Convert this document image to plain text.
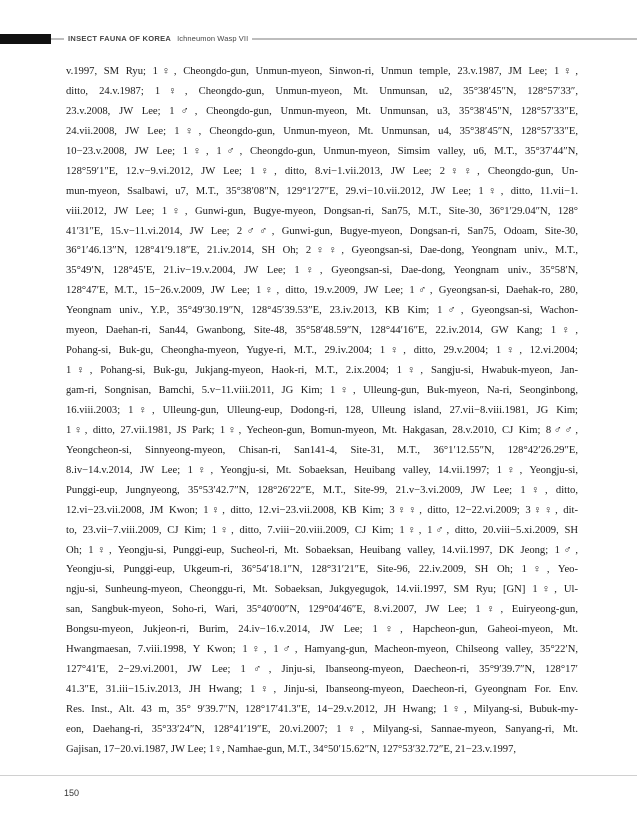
INSECT FAUNA OF KOREA Ichneumon Wasp VII
v.1997, SM Ryu; 1♀, Cheongdo-gun, Unmun-myeon, Sinwon-ri, Unmun temple, 23.v.1987, JM Lee; 1♀,
ditto, 24.v.1987; 1♀, Cheongdo-gun, Unmun-myeon, Mt. Unmunsan, u2, 35°38′45″N, 128°57′33″,
23.v.2008, JW Lee; 1♂, Cheongdo-gun, Unmun-myeon, Mt. Unmunsan, u3, 35°38′45″N, 128°57′33″E,
24.vii.2008, JW Lee; 1♀, Cheongdo-gun, Unmun-myeon, Mt. Unmunsan, u4, 35°38′45″N, 128°57′33″E,
10−23.v.2008, JW Lee; 1♀, 1♂, Cheongdo-gun, Unmun-myeon, Simsim valley, u6, M.T., 35°37′44″N,
128°59′1″E, 12.v−9.vi.2012, JW Lee; 1♀, ditto, 8.vi−1.vii.2013, JW Lee; 2♀♀, Cheongdo-gun, Un-
mun-myeon, Ssalbawi, u7, M.T., 35°38′08″N, 129°1′27″E, 29.vi−10.vii.2012, JW Lee; 1♀, ditto, 11.vii−1.
viii.2012, JW Lee; 1♀, Gunwi-gun, Bugye-myeon, Dongsan-ri, San75, M.T., Site-30, 36°1′29.04″N, 128°
41′31″E, 15.v−11.vi.2014, JW Lee; 2♂♂, Gunwi-gun, Bugye-myeon, Dongsan-ri, San75, Odoam, Site-30,
36°1′46.13″N, 128°41′9.18″E, 21.iv.2014, SH Oh; 2♀♀, Gyeongsan-si, Dae-dong, Yeongnam univ., M.T.,
35°49′N, 128°45′E, 21.iv−19.v.2004, JW Lee; 1♀, Gyeongsan-si, Dae-dong, Yeongnam univ., 35°58′N,
128°47′E, M.T., 15−26.v.2009, JW Lee; 1♀, ditto, 19.v.2009, JW Lee; 1♂, Gyeongsan-si, Daehak-ro, 280,
Yeongnam univ., Y.P., 35°49′30.19″N, 128°45′39.53″E, 23.iv.2013, KB Kim; 1♂, Gyeongsan-si, Wachon-
myeon, Daehan-ri, San44, Gwanbong, Site-48, 35°58′48.59″N, 128°44′16″E, 22.iv.2014, GW Kang; 1♀,
Pohang-si, Buk-gu, Cheongha-myeon, Yugye-ri, M.T., 29.iv.2004; 1♀, ditto, 29.v.2004; 1♀, 12.vi.2004;
1♀, Pohang-si, Buk-gu, Jukjang-myeon, Haok-ri, M.T., 2.ix.2004; 1♀, Sangju-si, Hwabuk-myeon, Jan-
gam-ri, Songnisan, Bamchi, 5.v−11.viii.2011, JG Kim; 1♀, Ulleung-gun, Buk-myeon, Na-ri, Seonginbong,
16.viii.2003; 1♀, Ulleung-gun, Ulleung-eup, Dodong-ri, 128, Ulleung island, 27.vii−8.viii.1981, JG Kim;
1♀, ditto, 27.vii.1981, JS Park; 1♀, Yecheon-gun, Bomun-myeon, Mt. Hakgasan, 28.v.2010, CJ Kim; 8♂♂,
Yeongcheon-si, Sinnyeong-myeon, Chisan-ri, San141-4, Site-31, M.T., 36°1′12.55″N, 128°42′26.29″E,
8.iv−14.v.2014, JW Lee; 1♀, Yeongju-si, Mt. Sobaeksan, Heuibang valley, 14.vii.1997; 1♀, Yeongju-si,
Punggi-eup, Jungnyeong, 35°53′42.7″N, 128°26′22″E, M.T., Site-99, 21.v−3.vi.2009, JW Lee; 1♀, ditto,
12.vi−23.vii.2008, JM Kwon; 1♀, ditto, 12.vi−23.vii.2008, KB Kim; 3♀♀, ditto, 12−22.vi.2009; 3♀♀, dit-
to, 23.vii−7.viii.2009, CJ Kim; 1♀, ditto, 7.viii−20.viii.2009, CJ Kim; 1♀, 1♂, ditto, 20.viii−5.xi.2009, SH
Oh; 1♀, Yeongju-si, Punggi-eup, Sucheol-ri, Mt. Sobaeksan, Heuibang valley, 14.vii.1997, DK Jeong; 1♂,
Yeongju-si, Punggi-eup, Ukgeum-ri, 36°54′18.1″N, 128°31′21″E, Site-96, 22.iv.2009, SH Oh; 1♀, Yeo-
ngju-si, Sunheung-myeon, Cheonggu-ri, Mt. Sobaeksan, Jukgyegugok, 14.vii.1997, SM Ryu; [GN] 1♀, Ul-
san, Sangbuk-myeon, Soho-ri, Wari, 35°40′00″N, 129°04′46″E, 8.vi.2007, JW Lee; 1♀, Euiryeong-gun,
Bongsu-myeon, Jukjeon-ri, Burim, 24.iv−16.v.2014, JW Lee; 1♀, Hapcheon-gun, Gaheoi-myeon, Mt.
Hwangmaesan, 7.viii.1998, Y Kwon; 1♀, 1♂, Hamyang-gun, Macheon-myeon, Chilseong valley, 35°22′N,
127°41′E, 2−29.vi.2001, JW Lee; 1♂, Jinju-si, Ibanseong-myeon, Daecheon-ri, 35°9′39.7″N, 128°17′
41.3″E, 31.iii−15.iv.2013, JH Hwang; 1♀, Jinju-si, Ibanseong-myeon, Daecheon-ri, Gyeongnam For. Env.
Res. Inst., Alt. 43 m, 35° 9′39.7″N, 128°17′41.3″E, 14−29.v.2012, JH Hwang; 1♀, Milyang-si, Bubuk-my-
eon, Daehang-ri, 35°33′24″N, 128°41′19″E, 20.vi.2007; 1♀, Milyang-si, Sannae-myeon, Sanyang-ri, Mt.
Gajisan, 17−20.vi.1987, JW Lee; 1♀, Namhae-gun, M.T., 34°50′15.62″N, 127°53′32.72″E, 21−23.v.1997,
150
